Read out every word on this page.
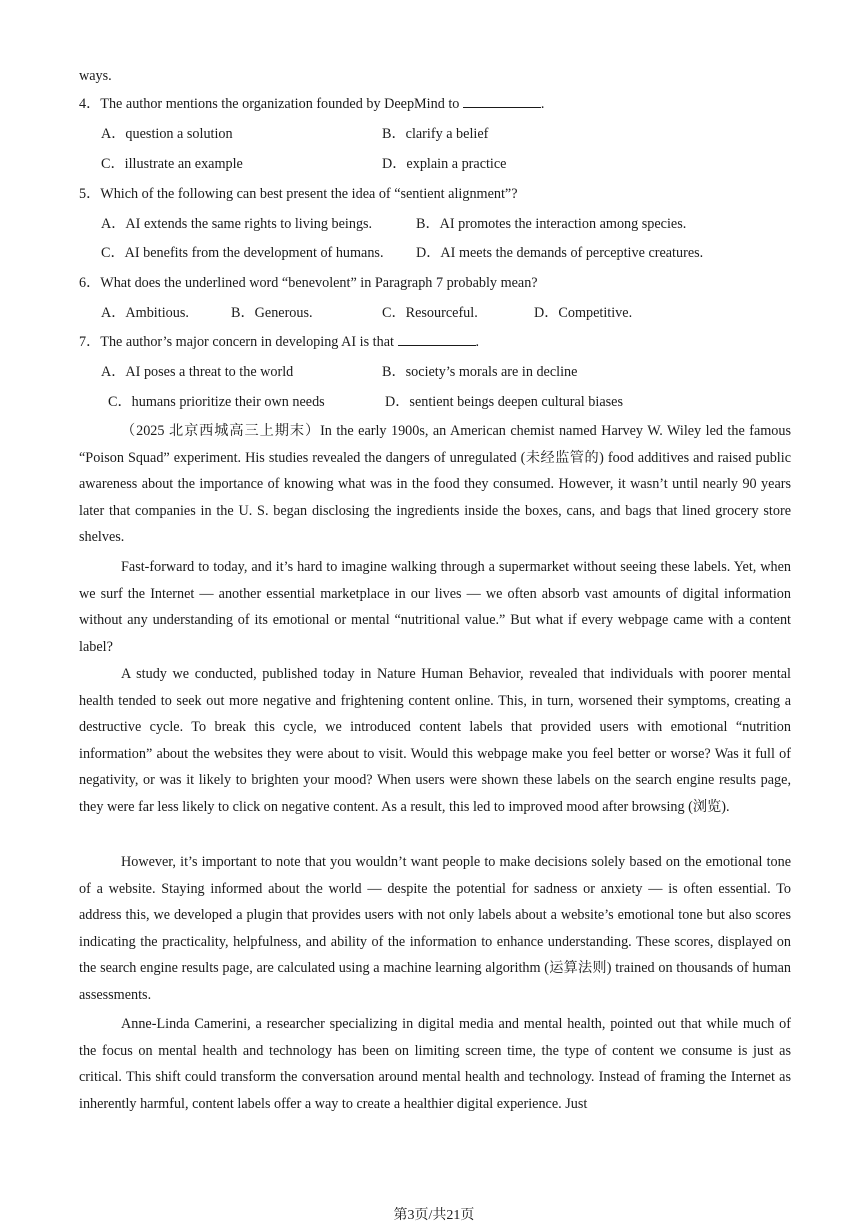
ways.
4．The author mentions the organization founded by DeepMind to	.
A．question a solution	B．clarify a belief
C．illustrate an example	D．explain a practice
5．Which of the following can best present the idea of “sentient alignment”?
A．AI extends the same rights to living beings.	B．AI promotes the interaction among species.
C．AI benefits from the development of humans. D．AI meets the demands of perceptive creatures.
6．What does the underlined word “benevolent” in Paragraph 7 probably mean?
A．Ambitious.	B．Generous.	C．Resourceful.	D．Competitive.
7．The author’s major concern in developing AI is that	.
A．AI poses a threat to the world	B．society’s morals are in decline
C．humans prioritize their own needs	D．sentient beings deepen cultural biases

（2025 北京西城高三上期末）In the early 1900s, an American chemist named Harvey W. Wiley led the famous “Poison Squad” experiment. His studies revealed the dangers of unregulated (未经监管的) food additives and raised public awareness about the importance of knowing what was in the food they consumed. However, it wasn’t until nearly 90 years later that companies in the U. S. began disclosing the ingredients inside the boxes, cans, and bags that lined grocery store shelves.

Fast-forward to today, and it’s hard to imagine walking through a supermarket without seeing these labels. Yet, when we surf the Internet — another essential marketplace in our lives — we often absorb vast amounts of digital information without any understanding of its emotional or mental “nutritional value.” But what if every webpage came with a content label?

A study we conducted, published today in Nature Human Behavior, revealed that individuals with poorer mental health tended to seek out more negative and frightening content online. This, in turn, worsened their symptoms, creating a destructive cycle. To break this cycle, we introduced content labels that provided users with emotional “nutrition information” about the websites they were about to visit. Would this webpage make you feel better or worse? Was it full of negativity, or was it likely to brighten your mood? When users were shown these labels on the search engine results page, they were far less likely to click on negative content. As a result, this led to improved mood after browsing (浏览).

However, it’s important to note that you wouldn’t want people to make decisions solely based on the emotional tone of a website. Staying informed about the world — despite the potential for sadness or anxiety — is often essential. To address this, we developed a plugin that provides users with not only labels about a website’s emotional tone but also scores indicating the practicality, helpfulness, and ability of the information to enhance understanding. These scores, displayed on the search engine results page, are calculated using a machine learning algorithm (运算法则) trained on thousands of human assessments.

Anne-Linda Camerini, a researcher specializing in digital media and mental health, pointed out that while much of the focus on mental health and technology has been on limiting screen time, the type of content we consume is just as critical. This shift could transform the conversation around mental health and technology. Instead of framing the Internet as inherently harmful, content labels offer a way to create a healthier digital experience. Just

第3页/共21页
